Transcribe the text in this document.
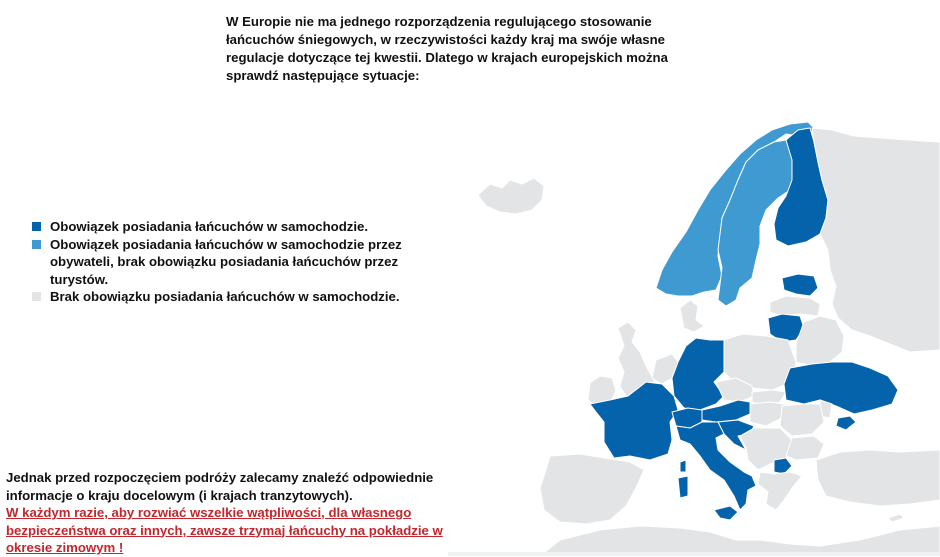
W Europie nie ma jednego rozporządzenia regulującego stosowanie łańcuchów śniegowych, w rzeczywistości każdy kraj ma swóje własne regulacje dotyczące tej kwestii. Dlatego w krajach europejskich można sprawdź następujące sytuacje:

Obowiązek posiadania łańcuchów w samochodzie.
Obowiązek posiadania łańcuchów w samochodzie przez obywateli, brak obowiązku posiadania łańcuchów przez turystów.
Brak obowiązku posiadania łańcuchów w samochodzie.

Jednak przed rozpoczęciem podróży zalecamy znaleźć odpowiednie informacje o kraju docelowym (i krajach tranzytowych).

W każdym razie, aby rozwiać wszelkie wątpliwości, dla własnego bezpieczeństwa oraz innych, zawsze trzymaj łańcuchy na pokładzie w okresie zimowym !
